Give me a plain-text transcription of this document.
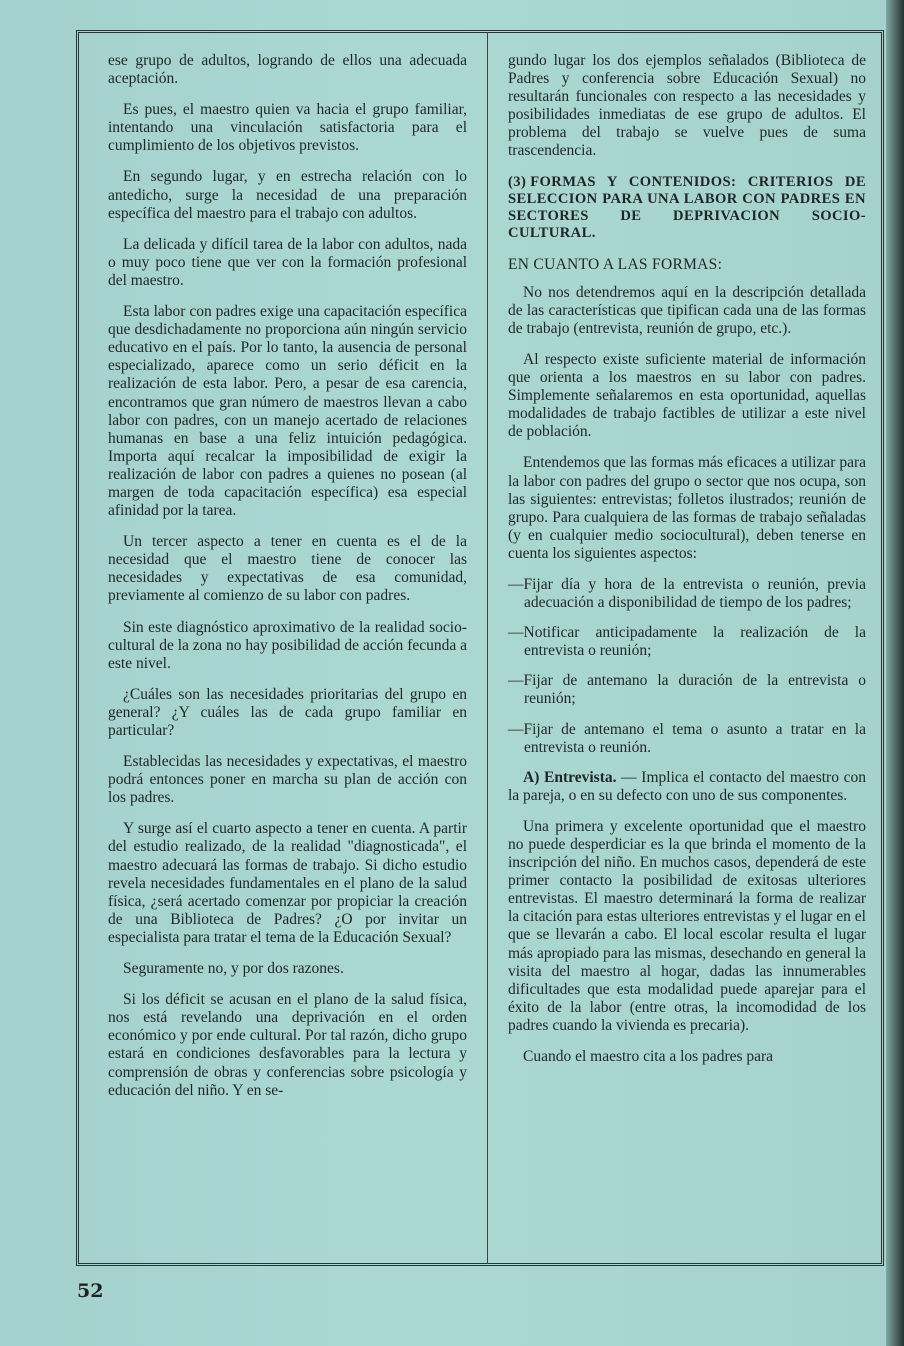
ese grupo de adultos, logrando de ellos una adecuada aceptación.

Es pues, el maestro quien va hacia el grupo familiar, intentando una vinculación satisfactoria para el cumplimiento de los objetivos previstos.

En segundo lugar, y en estrecha relación con lo antedicho, surge la necesidad de una preparación específica del maestro para el trabajo con adultos.

La delicada y difícil tarea de la labor con adultos, nada o muy poco tiene que ver con la formación profesional del maestro.

Esta labor con padres exige una capacitación específica que desdichadamente no proporciona aún ningún servicio educativo en el país. Por lo tanto, la ausencia de personal especializado, aparece como un serio déficit en la realización de esta labor. Pero, a pesar de esa carencia, encontramos que gran número de maestros llevan a cabo labor con padres, con un manejo acertado de relaciones humanas en base a una feliz intuición pedagógica. Importa aquí recalcar la imposibilidad de exigir la realización de labor con padres a quienes no posean (al margen de toda capacitación específica) esa especial afinidad por la tarea.

Un tercer aspecto a tener en cuenta es el de la necesidad que el maestro tiene de conocer las necesidades y expectativas de esa comunidad, previamente al comienzo de su labor con padres.

Sin este diagnóstico aproximativo de la realidad socio-cultural de la zona no hay posibilidad de acción fecunda a este nivel.

¿Cuáles son las necesidades prioritarias del grupo en general? ¿Y cuáles las de cada grupo familiar en particular?

Establecidas las necesidades y expectativas, el maestro podrá entonces poner en marcha su plan de acción con los padres.

Y surge así el cuarto aspecto a tener en cuenta. A partir del estudio realizado, de la realidad "diagnosticada", el maestro adecuará las formas de trabajo. Si dicho estudio revela necesidades fundamentales en el plano de la salud física, ¿será acertado comenzar por propiciar la creación de una Biblioteca de Padres? ¿O por invitar un especialista para tratar el tema de la Educación Sexual?

Seguramente no, y por dos razones.

Si los déficit se acusan en el plano de la salud física, nos está revelando una deprivación en el orden económico y por ende cultural. Por tal razón, dicho grupo estará en condiciones desfavorables para la lectura y comprensión de obras y conferencias sobre psicología y educación del niño. Y en se-

gundo lugar los dos ejemplos señalados (Biblioteca de Padres y conferencia sobre Educación Sexual) no resultarán funcionales con respecto a las necesidades y posibilidades inmediatas de ese grupo de adultos. El problema del trabajo se vuelve pues de suma trascendencia.

(3) FORMAS Y CONTENIDOS: CRITERIOS DE SELECCION PARA UNA LABOR CON PADRES EN SECTORES DE DEPRIVACION SOCIO-CULTURAL.

EN CUANTO A LAS FORMAS:

No nos detendremos aquí en la descripción detallada de las características que tipifican cada una de las formas de trabajo (entrevista, reunión de grupo, etc.).

Al respecto existe suficiente material de información que orienta a los maestros en su labor con padres. Simplemente señalaremos en esta oportunidad, aquellas modalidades de trabajo factibles de utilizar a este nivel de población.

Entendemos que las formas más eficaces a utilizar para la labor con padres del grupo o sector que nos ocupa, son las siguientes: entrevistas; folletos ilustrados; reunión de grupo. Para cualquiera de las formas de trabajo señaladas (y en cualquier medio sociocultural), deben tenerse en cuenta los siguientes aspectos:

—Fijar día y hora de la entrevista o reunión, previa adecuación a disponibilidad de tiempo de los padres;

—Notificar anticipadamente la realización de la entrevista o reunión;

—Fijar de antemano la duración de la entrevista o reunión;

—Fijar de antemano el tema o asunto a tratar en la entrevista o reunión.

A) Entrevista. — Implica el contacto del maestro con la pareja, o en su defecto con uno de sus componentes.

Una primera y excelente oportunidad que el maestro no puede desperdiciar es la que brinda el momento de la inscripción del niño. En muchos casos, dependerá de este primer contacto la posibilidad de exitosas ulteriores entrevistas. El maestro determinará la forma de realizar la citación para estas ulteriores entrevistas y el lugar en el que se llevarán a cabo. El local escolar resulta el lugar más apropiado para las mismas, desechando en general la visita del maestro al hogar, dadas las innumerables dificultades que esta modalidad puede aparejar para el éxito de la labor (entre otras, la incomodidad de los padres cuando la vivienda es precaria).

Cuando el maestro cita a los padres para

52
